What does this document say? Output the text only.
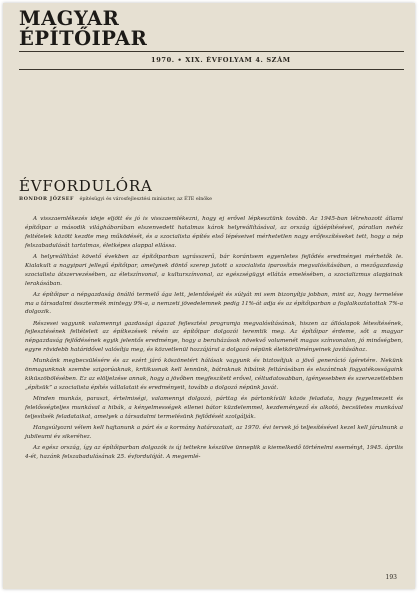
MAGYAR
ÉPÍTŐIPAR
1970. • XIX. ÉVFOLYAM 4. SZÁM
ÉVFORDULÓRA
BONDOR JÓZSEF építésügyi és városfejlesztési miniszter, az ÉTE elnöke

A visszaemlékezés ideje eljött és jó is visszaemlékezni, hogy ej erővel lépkesztünk tovább. Az 1945-ban létrehozott állami építőipar a második világháborúban elszenvedett hatalmas károk helyreállításával, az ország újjáépítésével, páratlan nehéz feltételek között kezdte meg működését, és a szocialista építés első lépéseivel mérhetetlen nagy erőfeszítéseket tett, hogy a nép felszabadulását tartalmas, életképes alappal ellássa.

A helyreállítást követő években az építőiparban ugrásszerű, bár korántsem egyenletes fejlődés eredményei mérhetők le. Kialakult a nagyipari jellegű építőipar, amelynek döntő szerep jutott a szocialista iparosítás megvalósításában, a mezőgazdaság szocialista átszervezésében, az életszínvonal, a kulturszínvonal, az egészségügyi ellátás emelésében, a szocializmus alapjainak lerakásában.

Az építőipar a népgazdaság önálló termelő ága lett, jelentőségét és súlyát mi sem bizonyítja jobban, mint az, hogy termelése ma a társadalmi össztermék mintegy 9%-a, a nemzeti jövedelemnek pedig 11%-át adja és az építőiparban a foglalkoztatottak 7%-a dolgozik.

Részesei vagyunk valamennyi gazdasági ágazat fejlesztési programja megvalósításának, hiszen az állóalapok létesítésének, fejlesztésének feltételeit az építkezések révén az építőipar dolgozói teremtik meg. Az építőipar érdeme, sőt a magyar népgazdaság fejlődésének egyik jelentős eredménye, hogy a beruházások növekvő volumenét magas színvonalon, jó minőségben, egyre rövidebb határidővel valósítja meg, és közvetlenül hozzájárul a dolgozó népünk életkörülményeinek javításához.

Munkánk megbecsülésére és az ezért járó köszönetért hálásak vagyunk és biztosítjuk a jövő generáció ígéretére. Nekünk önmagunknak szembe szigorúaknak, kritikusnak kell lennünk, bátraknak hibáink feltárásában és elszántnak fogyatékosságaink kiküszöbölésében. Ez az elöljelzése annak, hogy a jövőben megfeszített erővel, céltudatosabban, igényesebben és szervezettebben „építsük” a szocialista építés vállalatait és eredményeit, tovább a dolgozó népünk javát.

Minden munkás, paraszt, értelmiségi, valamennyi dolgozó, párttag és pártonkívüli közös feladata, hogy fegyelmezett és felelősségteljes munkával a hibák, a kényelmességek ellenei bátor küzdelemmel, kezdeményező és alkotó, becsületes munkával teljesítsék feladataikat, amelyek a társadalmi termelésünk fejlődését szolgálják.

Hangsúlyozni vélem kell hajtanunk a párt és a kormány határozatait, az 1970. évi tervek jó teljesítésével kezel kell járulnunk a jubileumi év sikeréhez.

Az egész ország, így az építőiparban dolgozók is új tettekre készülve ünneplik a kiemelkedő történelmi eseményt, 1945. április 4-ét, hazánk felszabadulásának 25. évfordulóját. A megemlé-

193
